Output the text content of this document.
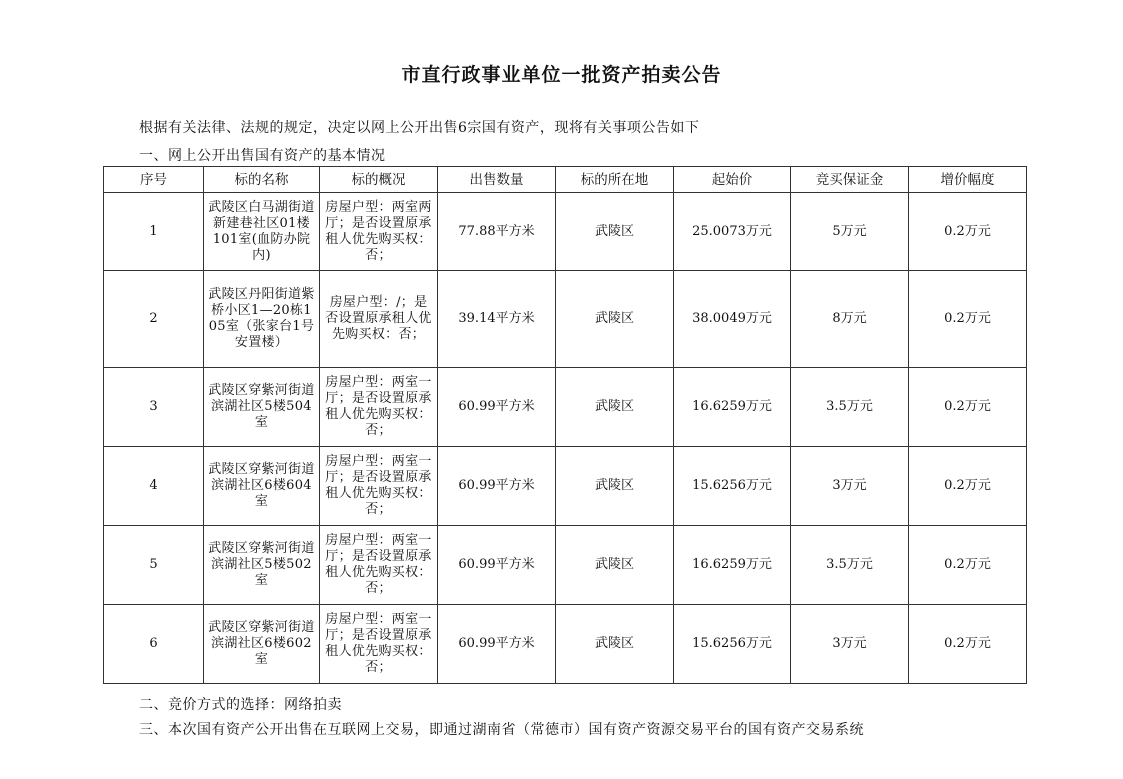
市直行政事业单位一批资产拍卖公告
根据有关法律、法规的规定，决定以网上公开出售6宗国有资产，现将有关事项公告如下
一、网上公开出售国有资产的基本情况
序号	标的名称	标的概况	出售数量	标的所在地	起始价	竞买保证金	增价幅度
1	武陵区白马湖街道新建巷社区01楼 101室(血防办院内)	房屋户型：两室两厅；是否设置原承租人优先购买权：否；	77.88平方米	武陵区	25.0073万元	5万元	0.2万元
2	武陵区丹阳街道紫桥小区1—20栋105室（张家台1号安置楼）	房屋户型：/；是否设置原承租人优先购买权：否；	39.14平方米	武陵区	38.0049万元	8万元	0.2万元
3	武陵区穿紫河街道滨湖社区5楼504室	房屋户型：两室一厅；是否设置原承租人优先购买权：否；	60.99平方米	武陵区	16.6259万元	3.5万元	0.2万元
4	武陵区穿紫河街道滨湖社区6楼604室	房屋户型：两室一厅；是否设置原承租人优先购买权：否；	60.99平方米	武陵区	15.6256万元	3万元	0.2万元
5	武陵区穿紫河街道滨湖社区5楼502室	房屋户型：两室一厅；是否设置原承租人优先购买权：否；	60.99平方米	武陵区	16.6259万元	3.5万元	0.2万元
6	武陵区穿紫河街道滨湖社区6楼602室	房屋户型：两室一厅；是否设置原承租人优先购买权：否；	60.99平方米	武陵区	15.6256万元	3万元	0.2万元
二、竞价方式的选择：网络拍卖
三、本次国有资产公开出售在互联网上交易，即通过湖南省（常德市）国有资产资源交易平台的国有资产交易系统
